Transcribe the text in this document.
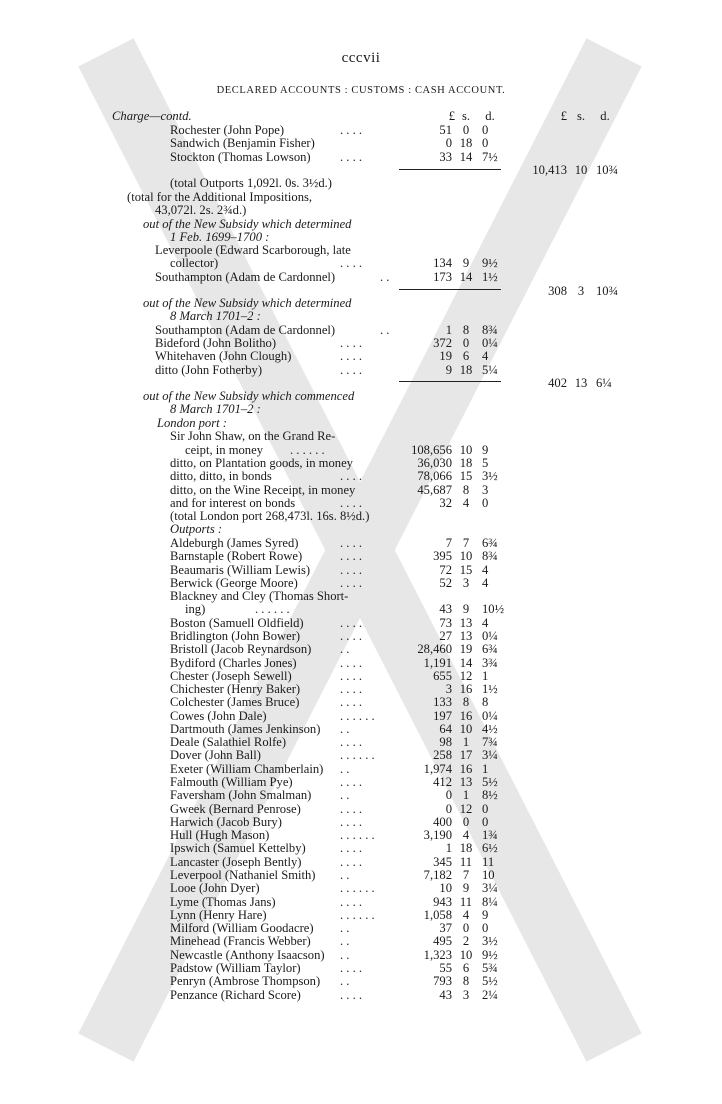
cccvii
DECLARED ACCOUNTS : CUSTOMS : CASH ACCOUNT.
Charge—contd.	£ s.	d.	£ s.	d.
Rochester (John Pope)	. . . .	51 0	0
Sandwich (Benjamin Fisher)	0 18 0
Stockton (Thomas Lowson) . . . .	33 14 7½
10,413 10 10¾
(total Outports 1,092l. 0s. 3½d.)
(total for the Additional Impositions,
43,072l. 2s. 2¾d.)
out of the New Subsidy which determined
1 Feb. 1699–1700 :
Leverpoole (Edward Scarborough, late
collector)	. . . .	134 9	9½
Southampton (Adam de Cardonnel)	. .	173 14 1½
308 3 10¾
out of the New Subsidy which determined
8 March 1701–2 :
Southampton (Adam de Cardonnel)	. .	1 8	8¾
Bideford (John Bolitho)	. . . .	372 0	0¼
Whitehaven (John Clough)	. . . .	19 6	4
ditto (John Fotherby)	. . . .	9 18 5¼
402 13 6¼
out of the New Subsidy which commenced
8 March 1701–2 :
London port :
Sir John Shaw, on the Grand Re-
ceipt, in money . . . . . .	108,656 10 9
ditto, on Plantation goods, in money	36,030 18 5
ditto, ditto, in bonds	. . . .	78,066 15 3½
ditto, on the Wine Receipt, in money	45,687 8	3
and for interest on bonds	. . . .	32 4	0
(total London port 268,473l. 16s. 8½d.)
Outports :
Aldeburgh (James Syred)	. . . .	7 7	6¾
Barnstaple (Robert Rowe)	. . . .	395 10 8¾
Beaumaris (William Lewis) . . . .	72 15 4
Berwick (George Moore)	. . . .	52 3	4
Blackney and Cley (Thomas Short-
ing)	. . . . . .	43 9	10½
Boston (Samuell Oldfield)	. . . .	73 13 4
Bridlington (John Bower)	. . . .	27 13 0¼
Bristoll (Jacob Reynardson) . .	28,460 19 6¾
Bydiford (Charles Jones)	. . . .	1,191 14 3¾
Chester (Joseph Sewell)	. . . .	655 12 1
Chichester (Henry Baker)	. . . .	3 16 1½
Colchester (James Bruce)	. . . .	133 8	8
Cowes (John Dale)	. . . . . .	197 16 0¼
Dartmouth (James Jenkinson) . .	64 10 4½
Deale (Salathiel Rolfe)	. . . .	98 1	7¾
Dover (John Ball)	. . . . . .	258 17 3¼
Exeter (William Chamberlain) . .	1,974 16 1
Falmouth (William Pye)	. . . .	412 13 5½
Faversham (John Smalman) . .	0 1	8½
Gweek (Bernard Penrose)	. . . .	0 12 0
Harwich (Jacob Bury)	. . . .	400 0	0
Hull (Hugh Mason)	. . . . . .	3,190 4	1¾
Ipswich (Samuel Kettelby)	. . . .	1 18 6½
Lancaster (Joseph Bently)	. . . .	345 11 11
Leverpool (Nathaniel Smith) . .	7,182 7	10
Looe (John Dyer)	. . . . . .	10 9	3¼
Lyme (Thomas Jans)	. . . .	943 11 8¼
Lynn (Henry Hare)	. . . . . .	1,058 4	9
Milford (William Goodacre) . .	37 0	0
Minehead (Francis Webber) . .	495 2	3½
Newcastle (Anthony Isaacson) . .	1,323 10 9½
Padstow (William Taylor)	. . . .	55 6	5¾
Penryn (Ambrose Thompson) . .	793 8	5½
Penzance (Richard Score)	. . . .	43 3	2¼
